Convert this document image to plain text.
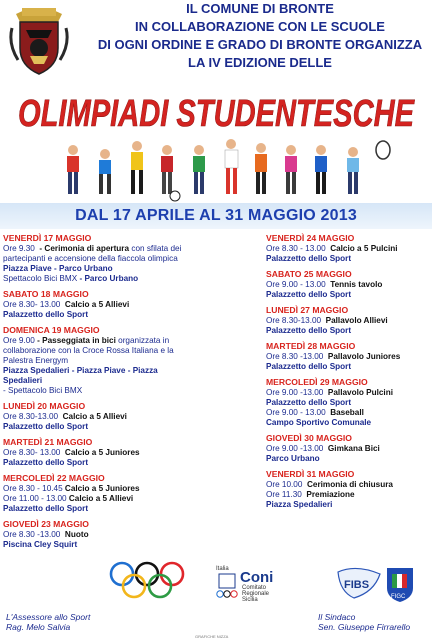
IL COMUNE DI BRONTE
IN COLLABORAZIONE CON LE SCUOLE
DI OGNI ORDINE E GRADO DI BRONTE ORGANIZZA
LA IV EDIZIONE DELLE
OLIMPIADI STUDENTESCHE
DAL 17 APRILE AL 31 MAGGIO 2013
VENERDÌ 17 MAGGIO
Ore 9.30 - Cerimonia di apertura con sfilata dei partecipanti e accensione della fiaccola olimpica
Piazza Piave - Parco Urbano
Spettacolo Bici BMX - Parco Urbano
SABATO 18 MAGGIO
Ore 8.30- 13.00 Calcio a 5 Allievi
Palazzetto dello Sport
DOMENICA 19 MAGGIO
Ore 9.00 - Passeggiata in bici organizzata in collaborazione con la Croce Rossa Italiana e la Palestra Energym
Piazza Spedalieri - Piazza Piave - Piazza Spedalieri
- Spettacolo Bici BMX
LUNEDÌ 20 MAGGIO
Ore 8.30-13.00 Calcio a 5 Allievi
Palazzetto dello Sport
MARTEDÌ 21 MAGGIO
Ore 8.30- 13.00 Calcio a 5 Juniores
Palazzetto dello Sport
MERCOLEDÌ 22 MAGGIO
Ore 8.30 - 10.45 Calcio a 5 Juniores
Ore 11.00 - 13.00 Calcio a 5 Allievi
Palazzetto dello Sport
GIOVEDÌ 23 MAGGIO
Ore 8.30 -13.00 Nuoto
Piscina Cley Squirt
VENERDÌ 24 MAGGIO
Ore 8.30 - 13.00 Calcio a 5 Pulcini
Palazzetto dello Sport
SABATO 25 MAGGIO
Ore 9.00 - 13.00 Tennis tavolo
Palazzetto dello Sport
LUNEDÌ 27 MAGGIO
Ore 8.30-13.00 Pallavolo Allievi
Palazzetto dello Sport
MARTEDÌ 28 MAGGIO
Ore 8.30 -13.00 Pallavolo Juniores
Palazzetto dello Sport
MERCOLEDÌ 29 MAGGIO
Ore 9.00 -13.00 Pallavolo Pulcini
Palazzetto dello Sport
Ore 9.00 - 13.00 Baseball
Campo Sportivo Comunale
GIOVEDÌ 30 MAGGIO
Ore 9.00 -13.00 Gimkana Bici
Parco Urbano
VENERDÌ 31 MAGGIO
Ore 10.00 Cerimonia di chiusura
Ore 11.30 Premiazione
Piazza Spedalieri
Italia Coni
Comitato
Regionale
Sicilia
FIBS
FIGC
L'Assessore allo Sport
Rag. Melo Salvia
Il Sindaco
Sen. Giuseppe Firrarello
GRAFICHE NIZZA
